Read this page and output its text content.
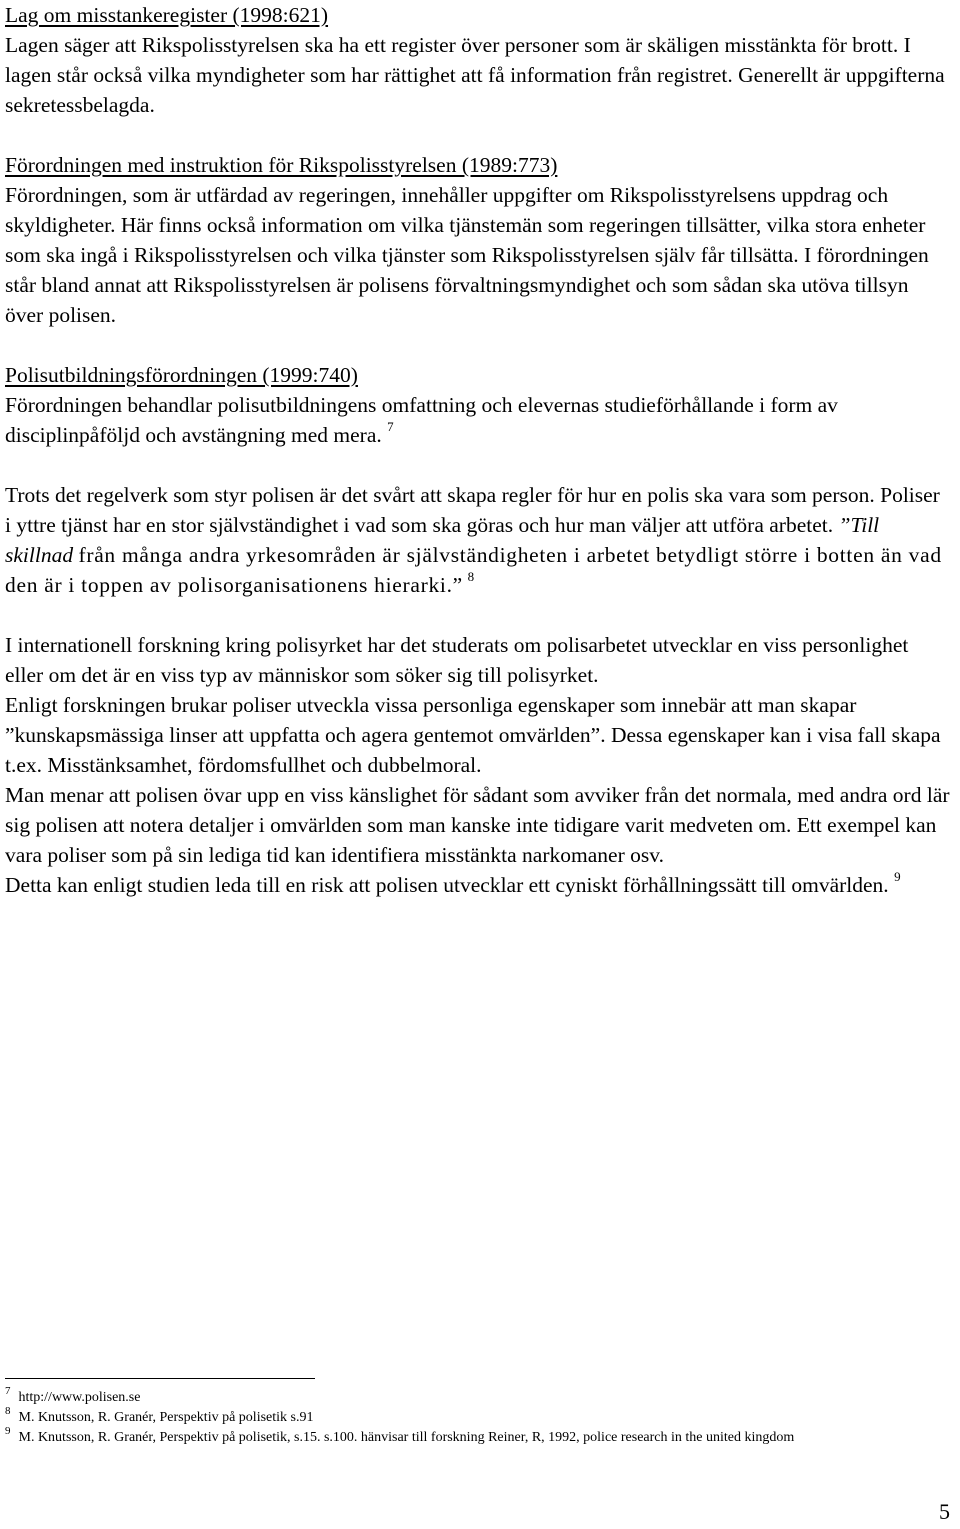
Lag om misstankeregister (1998:621)

Lagen säger att Rikspolisstyrelsen ska ha ett register över personer som är skäligen misstänkta för brott. I lagen står också vilka myndigheter som har rättighet att få information från registret. Generellt är uppgifterna sekretessbelagda.

Förordningen med instruktion för Rikspolisstyrelsen (1989:773)

Förordningen, som är utfärdad av regeringen, innehåller uppgifter om Rikspolisstyrelsens uppdrag och skyldigheter. Här finns också information om vilka tjänstemän som regeringen tillsätter, vilka stora enheter som ska ingå i Rikspolisstyrelsen och vilka tjänster som Rikspolisstyrelsen själv får tillsätta. I förordningen står bland annat att Rikspolisstyrelsen är polisens förvaltningsmyndighet och som sådan ska utöva tillsyn över polisen.

Polisutbildningsförordningen (1999:740)

Förordningen behandlar polisutbildningens omfattning och elevernas studieförhållande i form av disciplinpåföljd och avstängning med mera. $^7$

Trots det regelverk som styr polisen är det svårt att skapa regler för hur en polis ska vara som person. Poliser i yttre tjänst har en stor självständighet i vad som ska göras och hur man väljer att utföra arbetet. ”Till skillnad från många andra yrkesområden är självständigheten i arbetet betydligt större i botten än vad den är i toppen av polisorganisationens hierarki.” $^8$

I internationell forskning kring polisyrket har det studerats om polisarbetet utvecklar en viss personlighet eller om det är en viss typ av människor som söker sig till polisyrket.

Enligt forskningen brukar poliser utveckla vissa personliga egenskaper som innebär att man skapar ”kunskapsmässiga linser att uppfatta och agera gentemot omvärlden”. Dessa egenskaper kan i visa fall skapa t.ex. Misstänksamhet, fördomsfullhet och dubbelmoral.

Man menar att polisen övar upp en viss känslighet för sådant som avviker från det normala, med andra ord lär sig polisen att notera detaljer i omvärlden som man kanske inte tidigare varit medveten om. Ett exempel kan vara poliser som på sin lediga tid kan identifiera misstänkta narkomaner osv.

Detta kan enligt studien leda till en risk att polisen utvecklar ett cyniskt förhållningssätt till omvärlden. $^9$

$^7$ http://www.polisen.se

$^8$ M. Knutsson, R. Granér, Perspektiv på polisetik s.91

$^9$ M. Knutsson, R. Granér, Perspektiv på polisetik, s.15. s.100. hänvisar till forskning Reiner, R, 1992, police research in the united kingdom

5
